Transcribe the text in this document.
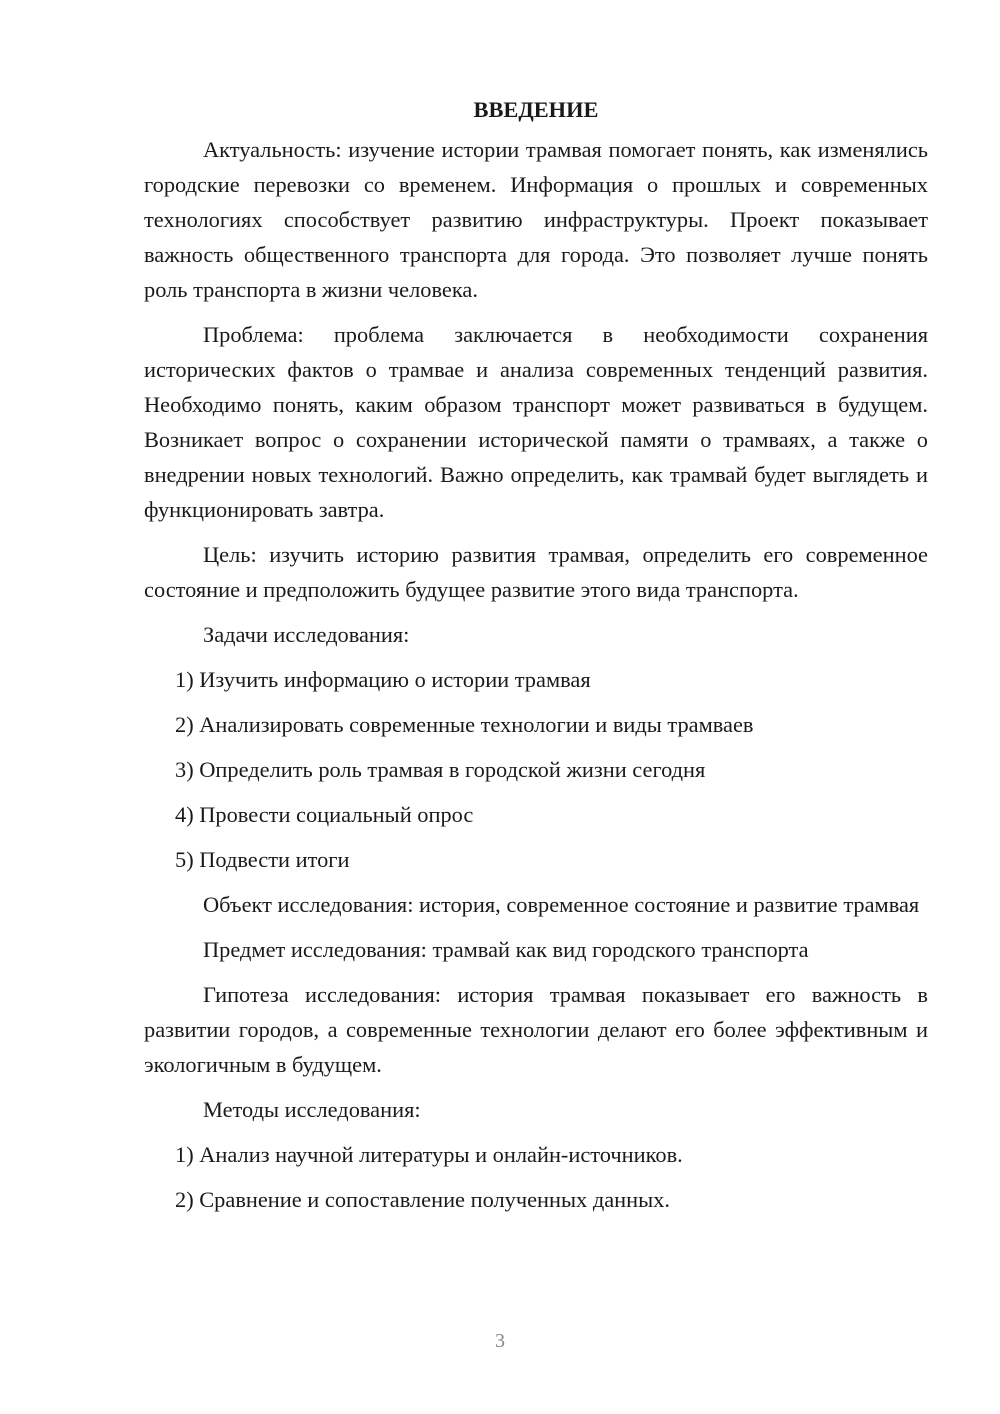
ВВЕДЕНИЕ

Актуальность: изучение истории трамвая помогает понять, как изменялись городские перевозки со временем. Информация о прошлых и современных технологиях способствует развитию инфраструктуры. Проект показывает важность общественного транспорта для города. Это позволяет лучше понять роль транспорта в жизни человека.

Проблема: проблема заключается в необходимости сохранения исторических фактов о трамвае и анализа современных тенденций развития. Необходимо понять, каким образом транспорт может развиваться в будущем. Возникает вопрос о сохранении исторической памяти о трамваях, а также о внедрении новых технологий. Важно определить, как трамвай будет выглядеть и функционировать завтра.

Цель: изучить историю развития трамвая, определить его современное состояние и предположить будущее развитие этого вида транспорта.

Задачи исследования:

1) Изучить информацию о истории трамвая

2) Анализировать современные технологии и виды трамваев

3) Определить роль трамвая в городской жизни сегодня

4) Провести социальный опрос

5) Подвести итоги

Объект исследования: история, современное состояние и развитие трамвая

Предмет исследования: трамвай как вид городского транспорта

Гипотеза исследования: история трамвая показывает его важность в развитии городов, а современные технологии делают его более эффективным и экологичным в будущем.

Методы исследования:

1) Анализ научной литературы и онлайн-источников.

2) Сравнение и сопоставление полученных данных.

3
